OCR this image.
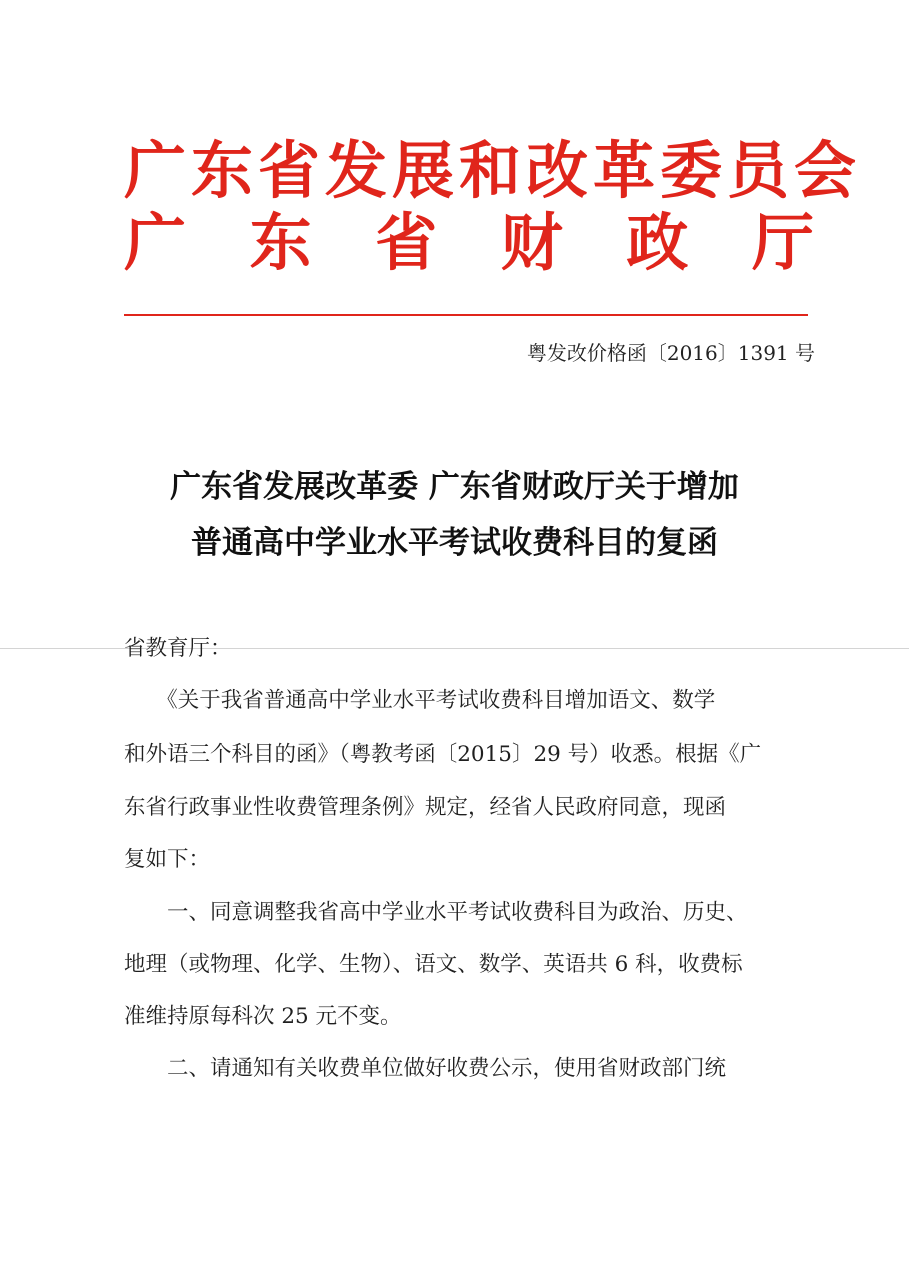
广东省发展和改革委员会
广 东 省 财 政 厅
粤发改价格函〔2016〕1391 号
广东省发展改革委 广东省财政厅关于增加
普通高中学业水平考试收费科目的复函
省教育厅：
　　《关于我省普通高中学业水平考试收费科目增加语文、数学
和外语三个科目的函》（粤教考函〔2015〕29 号）收悉。根据《广
东省行政事业性收费管理条例》规定，经省人民政府同意，现函
复如下：
　　一、同意调整我省高中学业水平考试收费科目为政治、历史、
地理（或物理、化学、生物）、语文、数学、英语共 6 科，收费标
准维持原每科次 25 元不变。
　　二、请通知有关收费单位做好收费公示，使用省财政部门统
